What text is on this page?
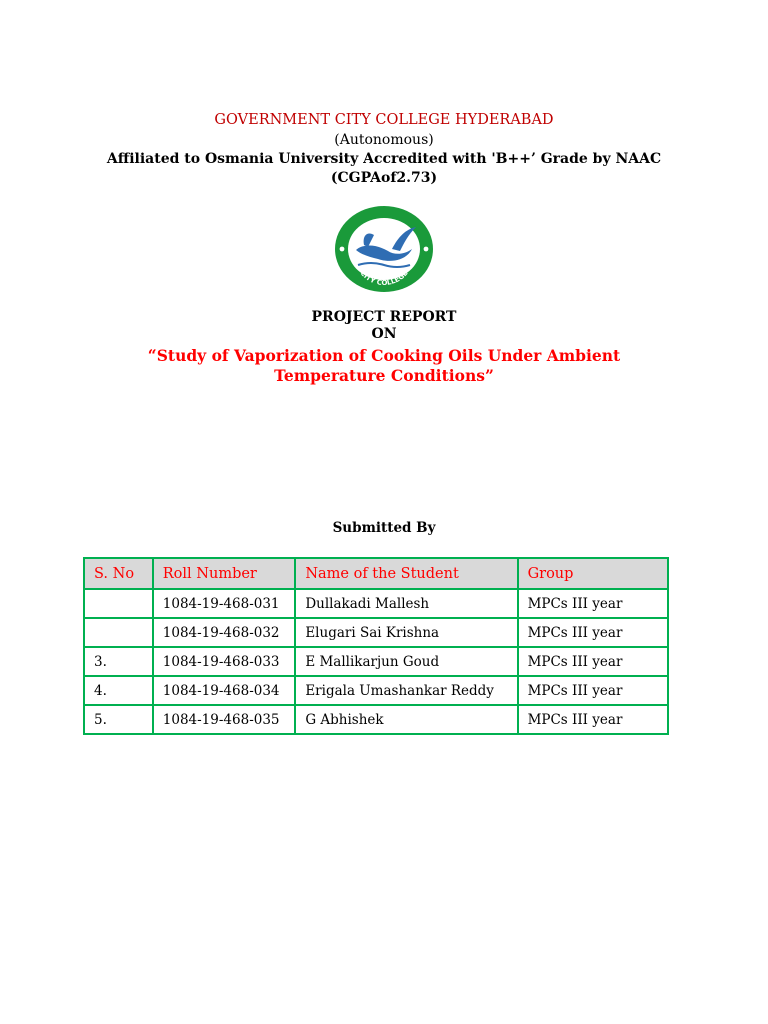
GOVERNMENT CITY COLLEGE HYDERABAD
(Autonomous)
Affiliated to Osmania University Accredited with 'B++’ Grade by NAAC
(CGPAof2.73)
CITY COLLEGE
PROJECT REPORT
ON
“Study of Vaporization of Cooking Oils Under Ambient Temperature Conditions”
Submitted By
S. No	Roll Number	Name of the Student	Group
	1084-19-468-031	Dullakadi Mallesh	MPCs III year
	1084-19-468-032	Elugari Sai Krishna	MPCs III year
3.	1084-19-468-033	E Mallikarjun Goud	MPCs III year
4.	1084-19-468-034	Erigala Umashankar Reddy	MPCs III year
5.	1084-19-468-035	G Abhishek	MPCs III year
